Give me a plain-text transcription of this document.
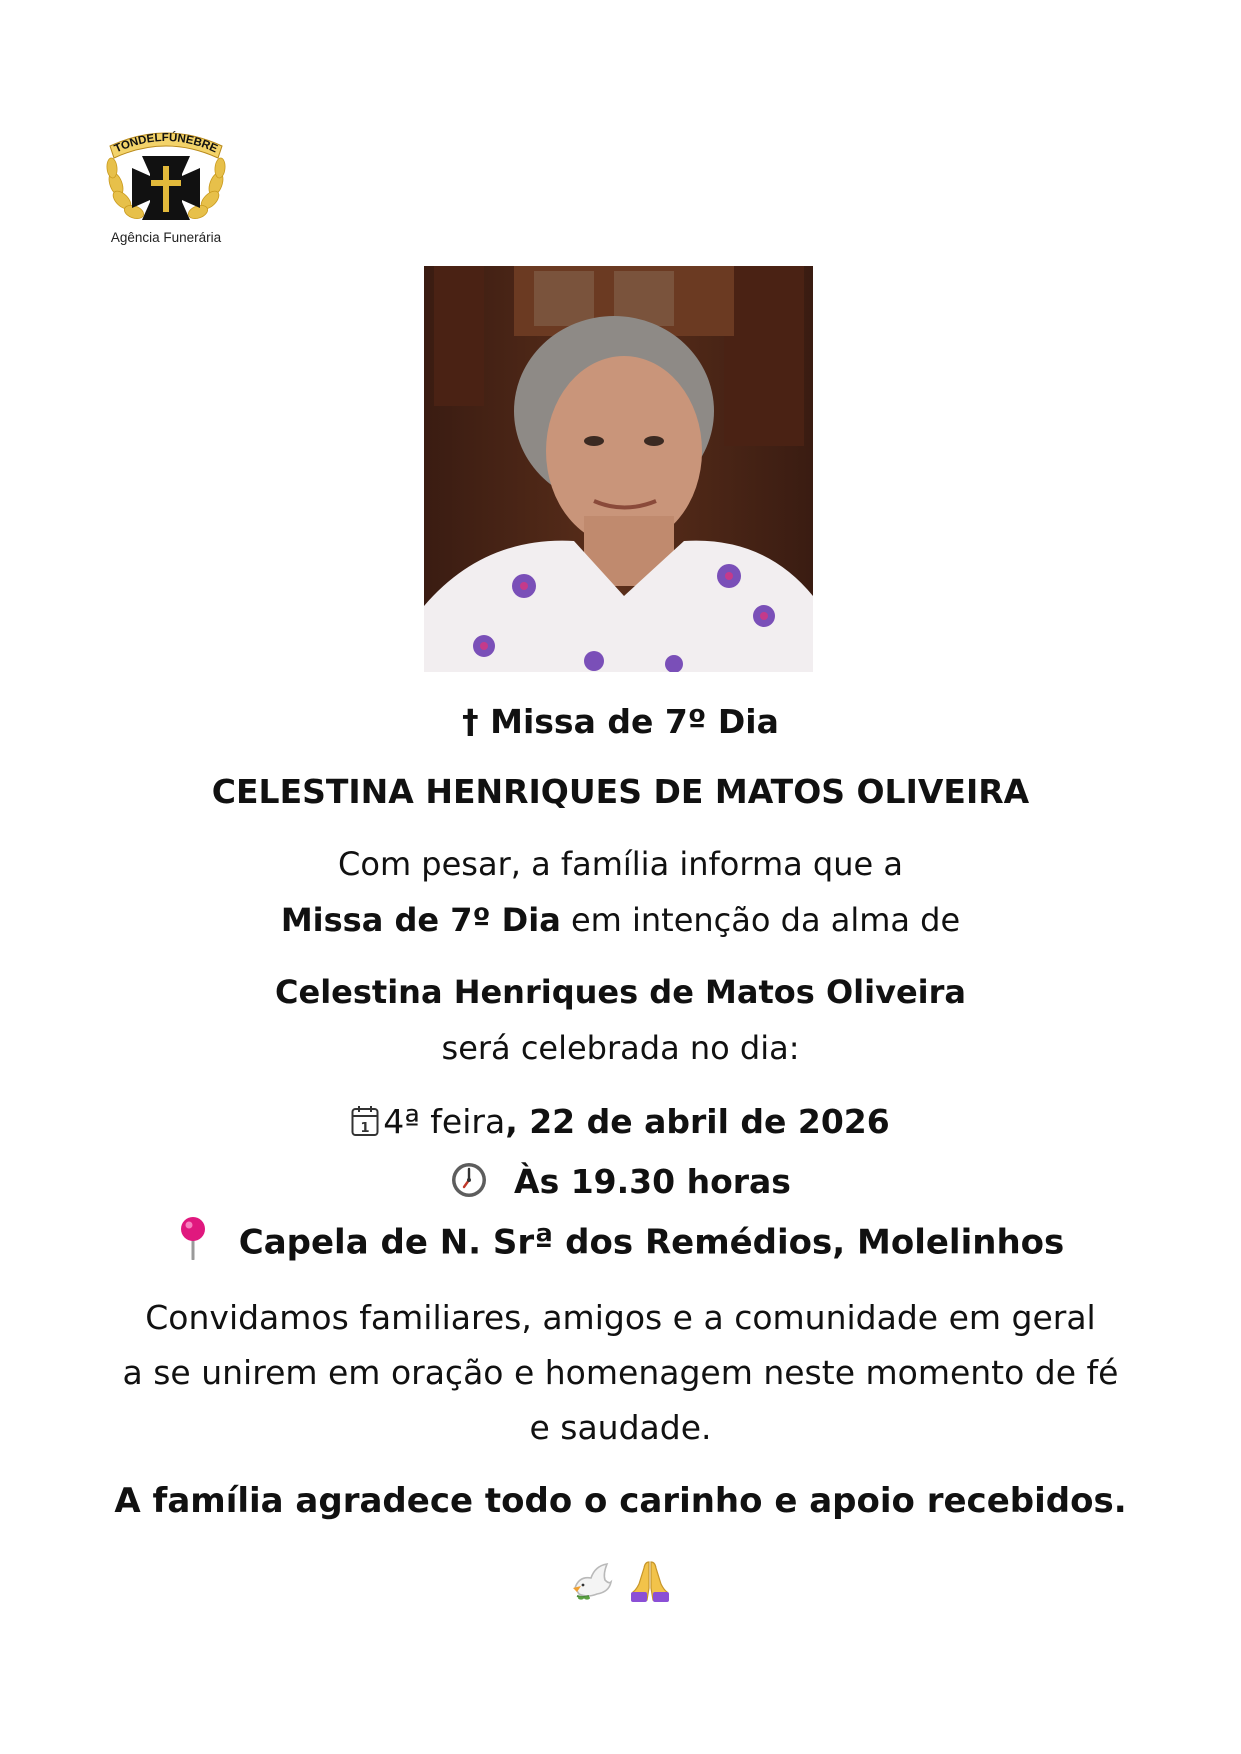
TONDELFÚNEBRE
Agência Funerária
† Missa de 7º Dia
CELESTINA HENRIQUES DE MATOS OLIVEIRA
Com pesar, a família informa que a
Missa de 7º Dia em intenção da alma de
Celestina Henriques de Matos Oliveira
será celebrada no dia:
1 4ª feira, 22 de abril de 2026
Às 19.30 horas
Capela de N. Srª dos Remédios, Molelinhos
Convidamos familiares, amigos e a comunidade em geral
a se unirem em oração e homenagem neste momento de fé
e saudade.
A família agradece todo o carinho e apoio recebidos.
